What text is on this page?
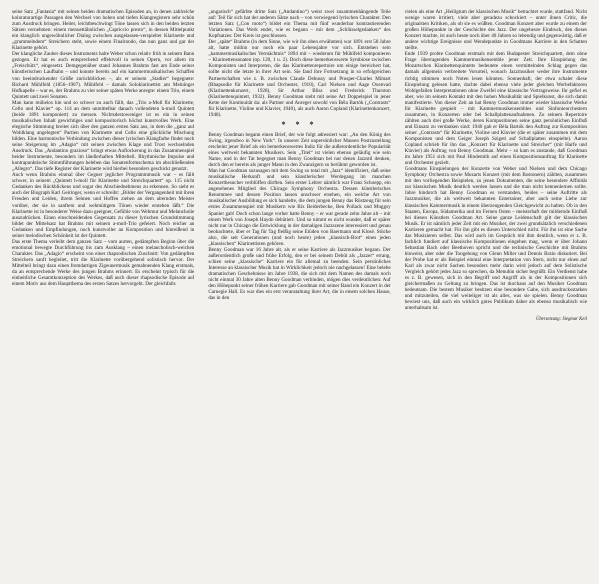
seine Satz „Fantasia“ mit seinen beiden dramatischen Episoden an, in denen zahlreiche koloraturartige Passagen den Wechsel von hohen und tiefen Klangregistern sehr schön zum Ausdruck bringen. Heiter, leichtbeschwingt Töne lassen sich in den beiden letzten Sätzen vernehmen: einem menuettähnlichen „Capriccio presto“, in dessen Mittelpunkt ein klanglich ungewöhnlicher Dialog zwischen ausgelassen-verspielter Klarinette und „grummelndem“ Streichern steht, sowie einem Finalrondo, das nun ganz und gar der Klarinette gehört.

Der klangliche Zauber dieses Instruments halte Weber schon relativ früh in seinem Bann gezogen. Er hat es auch entsprechend effektvoll in seinen Opern, vor allem im „Freischütz“, eingesetzt. Demgegenüber stand Johannes Brahms fast am Ende seiner künstlerischen Laufbahn – und konnte bereits auf ein kammermusikalisches Schaffen von beeindruckender Größe zurückblicken –, als er seinem „Stadler“ begegnete: Richard Mühlfeld (1856–1907). Mühlfeld – damals Soloklarinettist am Meininger Hofkapelle – war es, der Brahms zu vier seiner späten Werke anregte: einem Trio, einem Quintett und zwei Sonaten.

Man kann mühelos hin und so schwer zu auch fällt, das „Trio a-Moll für Klarinette, Cello und Klavier“ op. 114 an dem unmittelbar danach vollendeten h-moll Quintett (beide 1891 komponiert) zu messen. Nichtsdestoweniger ist es ein in seinen musikalischen Inhalt gewichtiges und kompositorisch höchst kunstvolles Werk. Eine elegische Stimmung breitet sich über den ganzen ersten Satz aus, in dem die „ganz auf Wohlklang angelegten“ Partien von Klarinette und Cello eine glückliche Mischung bilden. Eine harmonische Verbindung zwischen dieser lyrischen Klangfarbe findet noch seine Steigerung im „Adagio“ mit seinen zwischen Klage und Trost wechselnden Ausdruck. Das „Andantino grazioso“ bringt etwas Auflockerung in das Zusammenspiel beider Instrumente, besonders im ländlerhaften Mittelteil. Rhythmische Impulse und kontrapunktische Stimmführungen beleben das Sonatenformschema im abschließenden „Allegro“. Das tiefe Register der Klarinette wird hierbei besonders geschickt genutzt.

Auch wenn Brahms einmal über Gegner jeglicher Programmmusik war – es fällt schwer, in seinem „Quintett h-moll für Klarinette und Streichquartett“ op. 115 nicht Gedanken des Rückblickens und sogar des Abschiednehmens zu erkennen. So sieht es auch der Biograph Karl Geiringer, wenn er schreibt: „Bilder der Vergangenheit mit ihren Freuden und Leiden, ihrem Sehnen und Hoffen ziehen an dem alternden Meister vorüber, der sie in sanftem und wehmütigem Tönen wieder erstehen läßt.“ Die Klarinette ist in besonderer Weise dazu geeignet, Gefühle von Wehmut und Melancholie auszudrücken. Einen einschneidenden Gegensatz zu dieser lyrischen Grundstimmung bildet der Mittelsatz hat Brahms mit seinem a-moll-Trio gefeiert. Noch reicher an Gedanken und Empfindungen, noch kunstvoller an Komposition und hinreißend in seiner melodischen Schönheit ist der Quintett.

Das erste Thema verleiht dem ganzen Satz – vom aurten, gedämpften Beginn über die emotional bewegte Durchführung bis zum Ausklang – einen melancholisch-weichen Charakter. Das „Adagio“ erscheint von einer rhapsodischen Zuschnitt: Von gedämpften Streichern sanft begleitet, tritt die Klarinette vorübergehend solistisch hervor. Der Mittelteil bringt dazu einen fremdartigen Zigeunermusik gemahnenden Klang erstmals, da an entsprechende Werke des jungen Brahms erinnert. Es erscheint typisch für die einheitliche Gesamtkonzeption des Werkes, daß auch dieser rhapsodische Episode auf einem Motiv aus dem Hauptthema des ersten Satzes hervorgeht. Der gleichfalls

„ungarisch“ gefärbte dritte Satz („Andantino“) weist zwei zusammenhängende Teile auf: Teil für sich hat der anderen Sätze nach – von verwiegend lyrischen Charakter. Den letzten Satz („Con moto“) bildet ein Thema mit fünf wunderbar kontrastierenden Variationen. Das Werk endet, wie es begann – mit dem „Schlüsselgedanken“ des Kopfsatzes: Der Kreis ist geschlossen.

Der „späte“ Brahms (in dem Sinne, wie wir ihn oben erwähnten) war 1891 erst 58 Jahre alt, hatte mithin nur noch ein paar Lebensjahre vor sich. Entstehen sein „kammermusikalisches Vermächtnis“ 1894 mit – wiederum für Mühlfeld komponieren – Klarinettensonaten (op. 120, 1 u. 2). Doch diese bemerkenswerte Symbiose zwischen Komponisten und Interpreten, die das Klarinettenrepertoire um einige bereichert hat, sollte nicht die letzte in ihrer Art sein. Sie fand ihre Fortsetzung in so erfolgreichen Partnerschaften wie z. B. zwischen Claude Debussy und Prosper-Charles Mimart (Rhapsodie für Klarinette und Orchester, 1910), Carl Nielsen und Aage Oxenvad (Klarinettenkonzert, 1928), Sir Arthur Bliss und Frederick Thurston (Klarinettenquintett, 1932). Benny Goodman steht mit seine Art Doppelspiel in jener Kette der Kontinuität da: als Partner und Anreger sowohl von Béla Bartók („Contrasts“ für Klarinette, Violine und Klavier, 1940), als auch Aaron Copland (Klarinettenkonzert, 1948).

* * *

Benny Goodman begann einen Brief, der wie folgt adressiert war: „An den König des Swing, irgendwo in New York“. In unserer Zeit unpersönlicher Massen Postzustellung erscheint jener Brief als ein bemerkenswertes Indiz für die außerordentliche Popularität eines weltweit bekannten Musikers. Sein „Titel“ ist vielen ebenso geläufig wie sein Name, und in der Tat begegnet man Benny Goodman bei nur denen Jazzstil denken, durch den er bereits als junger Mann in den Zwanzigern so berühmt geworden ist.

Man hat Goodman sozusagen mit dem Swing so total mit „Jazz“ identifiziert, daß seine musikalische Herkunft und sein künstlerischer Werdegang im manchen Konzertbesucher verblüffen dürften. Sein erster Lehrer nämlich war Franz Schoepp, ein angesehenes Mitglied des Chicago Symphony Orchestra. Dessen künstlerisches Renommee und dessen Position lassen unschwer ersehen, ein welche Art von musikalischer Ausbildung es sich handelte, die dem jungen Benny das Rüstzeug für sein erstes Zusammenspiel mit Musikern wie Bix Beiderbecke, Ben Pollack und Muggsy Spanier gab! Doch schon lange vorher hatte Benny – er war gerade zehn Jahre alt – mit einem Werk von Joseph Haydn debütiert. Und so nimmt es nicht wunder, daß er später nicht nur in Chicago die Entwicklung in der damaligen Jazzszene interessiert und genau beobachtete, über er Tag für Tag fleißig seine Etüden von Baermann und Klosé. Stücke also, die seit Generationen (und noch heute) jeden „klassisch-Brot“ eines jeden „klassischen“ Klarinettisten gehören.

Benny Goodman war 16 Jahre alt, als er seine Karriere als Jazzmusiker begann. Der außerordentlich große und frühe Erfolg, den er bei seinem Debüt als „Jazzer“ errang, schien seine „klassische“ Karriere ein für allemal zu beenden. Sein persönliches Interesse an klassischer Musik hat in Wirklichkeit jedoch nie nachgelassen! Eine belebe dramatischen Geschehnisse im Jahre 1938, die sich mit dem Namen des damals noch nicht einmal 30 Jahre alten Benny Goodman verbinden, mögen dies verdeutlichen: Auf den Höhepunkt seiner frühen Karriere gab Goodman mit seiner Band ein Konzert in der Carnegie Hall. Es war dies ein erst veranstaltung ihrer Art, die in einem solchen Hause, das in den

vielen als eine Art „Heiligtum der klassischen Musik“ betrachtet wurde, stattfand. Nicht wenige waren irritiert, viele aber geradezu schockiert – unter ihnen Critic, die originalsten Kritiken, als ob sie es wüßten. Goodman Konzert aber wurde zu einem der großen Höhepunkte in der Geschichte des Jazz. Der ungeheure Eindruck, den dieses Konzert machte, ist auch heute noch über 40 Jahren so lebendig und gegenwärtig, daß er andere wichtige Ereignisse und Wendepunkte in Goodmans Karriere in den Schatten stellte.

Ende 1939 probte Goodman erstmals mit dem Budapester Streichquartett, dem ohne Frage überragenden Kammermusikensemble jener Zeit. Ihre Einspielung des Mozartschen Klarinettenquintetts bedeutete einen vermittelnden Schlag gegen das damals allgemein verbreitete Vorurteil, wonach Jazzmusiker weder ihre Instrumente richtig stimmen noch Noten lesen könnten. Sonnenhaft, der etwa schaler diese Einspielung gelesen hatte, dachte dabei ebenso viele jeder gleichen Werbefaktoren Wohlgefallen Interpretationen ohne Zweifel eine klassische Vortragsweise. Ihr gefiel es aber, wie im seinem Kontakt mit den hohen Musikalität und Spielkunst, die sich damit manifestierte. Von dieser Zeit an hat Benny Goodman immer wieder klassische Werke für Klarinette gespielt – mit Kammermusikensembles und Sinfonieorchestern zusammen, in Konzerten oder bei Schallplattenaufnahmen. Zu seinem Repertoire zählten auch drei große Werke, deren Kompositionen seine ganz persönlichen Einfluß und Einsatz zu verdanken sind: 1940 gab er Béla Bartók den Auftrag zur Komposition seiner „Contrasts“ für Klarinette, Violine und Klavier (die er später zusammen mit dem Komponisten und dem Geiger Joseph Szigeti auf Schallplatten einspielte). Aaron Copland schrieb für ihn das „Konzert für Klarinette und Streicher“ (mit Harfe und Klavier) als Auftrag von Benny Goodman. Mehr – so kam es zustande, daß Goodman im Jahre 1951 sich mit Paul Hindemith auf einen Kompositionsauftrag für Klarinette und Orchester gezielt.

Goodmans Einspielungen der Konzerte von Weber und Nielsen und dem Chicago Symphony Orchestra sowie Mozarts Konzert (mit dem Bostonern) zählten, zusammen mit den vorliegenden Beispielen, zu jenen Dokumenten, die seine besondere Affinität zur klassischen Musik deutlich werden lassen und die man nicht kennenlernen sollte. Jahre hindurch hat Benny Goodman es verstanden, beides – seine Auftritte als Jazzmusiker, die als weltweit bekannten Entertainer, aber auch seine Liebe zur klassischen Kammermusik in einem überzeugenden Gleichgewicht zu halten. Ob in den Staaten, Europa, Südamerika und im Fernen Osten – meisterhaft der mildernde Einfluß bei diesen Künstlers Goodman Art. Seine ganze Leidenschaft gilt der klassischen Musik. Er ist nämlich jeder Zeit mit ein Musiker, der zwei grundsätzlich verschiedenen Karrieren gemacht hat. Für ihn gibt es diesen Unterschied nicht. Für ihn ist eine Sache das Musizieren selbst. Das wird auch im Gespräch mit ihm deutlich, wenn er z. B. fachlich fundiert auf klassische Kompositionen eingehen mag, wenn er über Johann Sebastian Bach oder Beethoven spricht und die technische Geschichte mit Brahms hinweist, aber oder die Tongebung von Glenn Miller und Dennis Brain diskutiert. Bei der Probe hat er als Beispiel einmal eine Interpretation von Stern, nicht nur einen auf Karl als zwar nicht Sachen besonders mehr darin wird jedoch auf dem Solistische Vergleich gehört jedes Jazz so sprechen, da Menuhin sicher begrüßt. Ein Verdienst habe es z. B. gewesen, sich in den Begriff und Angriff als in der Kompositionen sich gleichermaßen zu Geltung zu bringen. Das ist durchaus auf den Musiker Goodman bedeutsam. Die bestem Musiker besitzen eine besondere Gabe, sich ausdrucksstarken und mitzuteilen, die viel weiteliger ist als alles, was sie spielen. Benny Goodman bewiest uns, daß auch ein wirklich gutes Publikum daher als ebenso musikalisch wie unterhaltsam ist.

Übersetzung: Siegmar Keil
